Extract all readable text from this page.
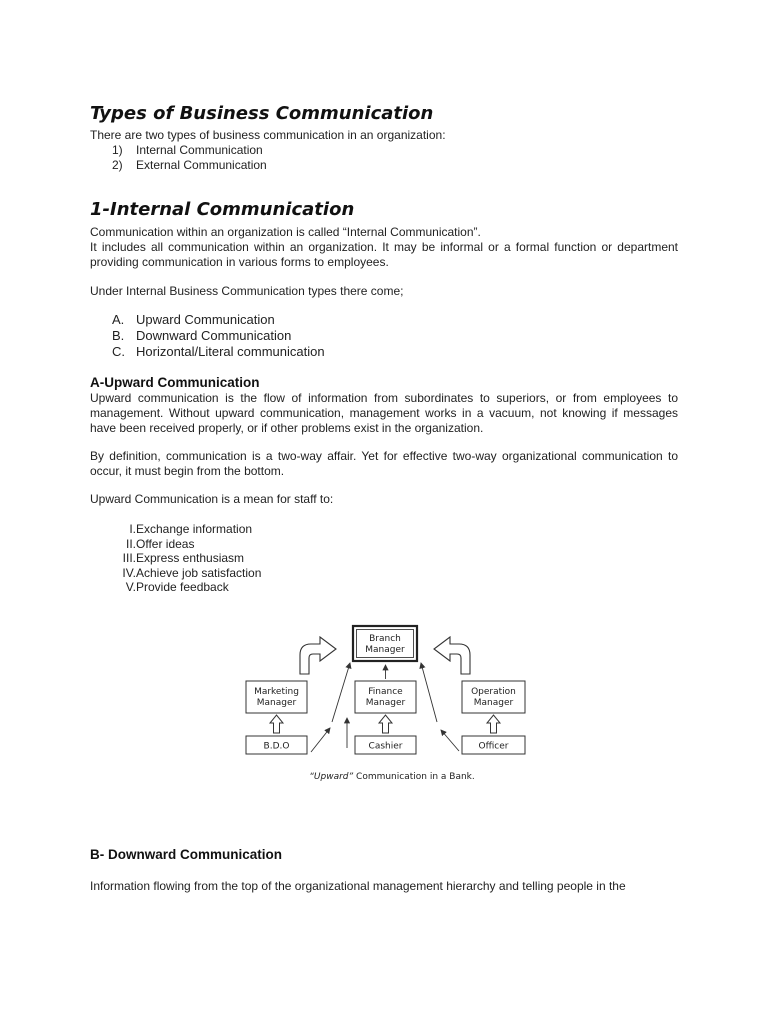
Types of Business Communication
There are two types of business communication in an organization:
1) Internal Communication
2) External Communication
1-Internal Communication
Communication within an organization is called “Internal Communication”.
It includes all communication within an organization. It may be informal or a formal function or department providing communication in various forms to employees.
Under Internal Business Communication types there come;
A. Upward Communication
B. Downward Communication
C. Horizontal/Literal communication
A-Upward Communication
Upward communication is the flow of information from subordinates to superiors, or from employees to management. Without upward communication, management works in a vacuum, not knowing if messages have been received properly, or if other problems exist in the organization.
By definition, communication is a two-way affair. Yet for effective two-way organizational communication to occur, it must begin from the bottom.
Upward Communication is a mean for staff to:
I.Exchange information
II.Offer ideas
III.Express enthusiasm
IV.Achieve job satisfaction
V.Provide feedback
B- Downward Communication
Information flowing from the top of the organizational management hierarchy and telling people in the
Branch
Manager
Marketing
Manager
Finance
Manager
Operation
Manager
B.D.O	Cashier	Officer
“Upward” Communication in a Bank.
